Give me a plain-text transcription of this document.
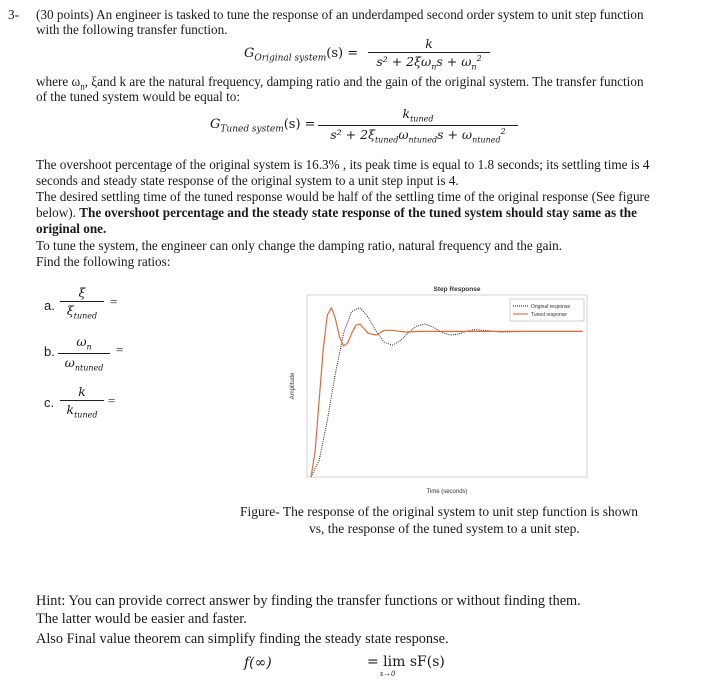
3- (30 points) An engineer is tasked to tune the response of an underdamped second order system to unit step function
with the following transfer function.
$G_{Original system}(s)$ =
k
$s^2 + 2\xi\omega_ns + \omega_n^2$
where $\omega_n$, ξand k are the natural frequency, damping ratio and the gain of the original system. The transfer function
of the tuned system would be equal to:
$G_{Tuned system}(s)$ =
$k_{tuned}$
$s^2 + 2\xi_{tuned}\omega_{ntuned}s + \omega_{ntuned}^2$
The overshoot percentage of the original system is 16.3% , its peak time is equal to 1.8 seconds; its settling time is 4
seconds and steady state response of the original system to a unit step input is 4.
The desired settling time of the tuned response would be half of the settling time of the original response (See figure
below). The overshoot percentage and the steady state response of the tuned system should stay same as the
original one.
To tune the system, the engineer can only change the damping ratio, natural frequency and the gain.
Find the following ratios:
a.
ξ
$\xi_{tuned}$
=
b.
$\omega_n$
$\omega_{ntuned}$
=
c.
k
$k_{tuned}$
=
Step Response
Amplitude
Time (seconds)
Original response
Tuned response
Figure- The response of the original system to unit step function is shown
vs, the response of the tuned system to a unit step.
Hint: You can provide correct answer by finding the transfer functions or without finding them.
The latter would be easier and faster.
Also Final value theorem can simplify finding the steady state response.
f(∞)	= lim sF(s)
s→0
